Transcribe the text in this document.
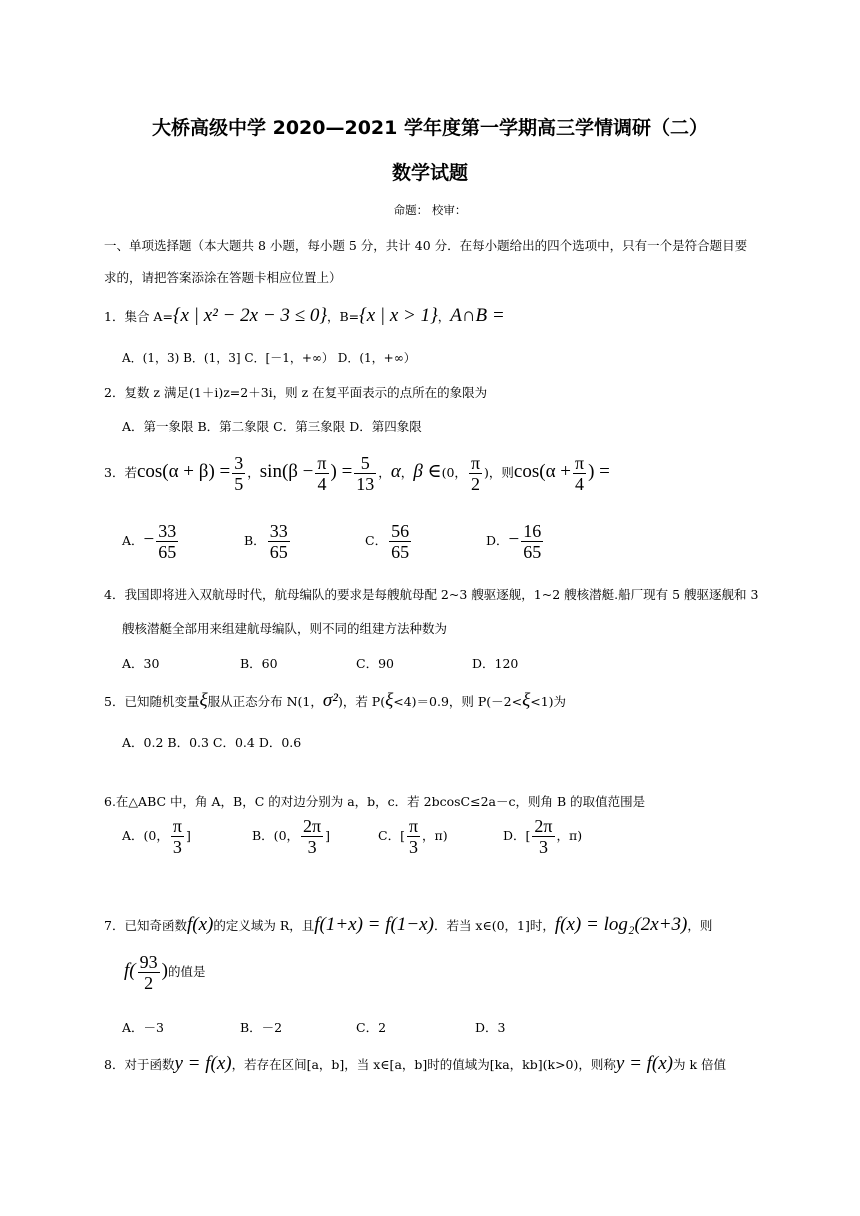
大桥高级中学 2020—2021 学年度第一学期高三学情调研（二）
数学试题
命题： 校审：
一、单项选择题（本大题共 8 小题，每小题 5 分，共计 40 分．在每小题给出的四个选项中，只有一个是符合题目要
求的，请把答案添涂在答题卡相应位置上）
1．集合 A={x | x² − 2x − 3 ≤ 0}，B={x | x > 1}，A∩B =
A．(1，3) B．(1，3] C．[－1，+∞） D．(1，+∞）
2．复数 z 满足(1＋i)z=2＋3i，则 z 在复平面表示的点所在的象限为
A．第一象限 B．第二象限 C．第三象限 D．第四象限
3．若$\cos(\alpha + \beta) = \frac{3}{5}$ ，$\sin(\beta - \frac{\pi}{4}$ ) = $\frac{5}{13}$ ，α，β ∈(0， $\frac{\pi}{2}$ )，则$\cos(\alpha + \frac{\pi}{4}$ ) =
A．− $\frac{33}{65}$	B． $\frac{33}{65}$	C． $\frac{56}{65}$	D．− $\frac{16}{65}$
4．我国即将进入双航母时代，航母编队的要求是每艘航母配 2~3 艘驱逐舰，1~2 艘核潜艇.船厂现有 5 艘驱逐舰和 3
艘核潜艇全部用来组建航母编队，则不同的组建方法种数为
A．30	B．60	C．90	D．120
5．已知随机变量ξ服从正态分布 N(1，σ²)，若 P(ξ<4)＝0.9，则 P(－2<ξ<1)为
A．0.2 B．0.3 C．0.4 D．0.6
6.在△ABC 中，角 A，B，C 的对边分别为 a，b，c．若 2bcosC≤2a－c，则角 B 的取值范围是
A．(0， $\frac{\pi}{3}$ ]	B．(0， $\frac{2\pi}{3}$ ]	C．[ $\frac{\pi}{3}$ ，π)	D．[ $\frac{2\pi}{3}$ ，π)
7．已知奇函数f(x)的定义域为 R，且f(1+x) = f(1−x)．若当 x∈(0，1]时，f(x) = log₂(2x+3)，则
$f( \frac{93}{2}$ )的值是
A．－3	B．－2	C．2	D．3
8．对于函数y = f(x)，若存在区间[a，b]，当 x∈[a，b]时的值域为[ka，kb](k>0)，则称y = f(x)为 k 倍值
